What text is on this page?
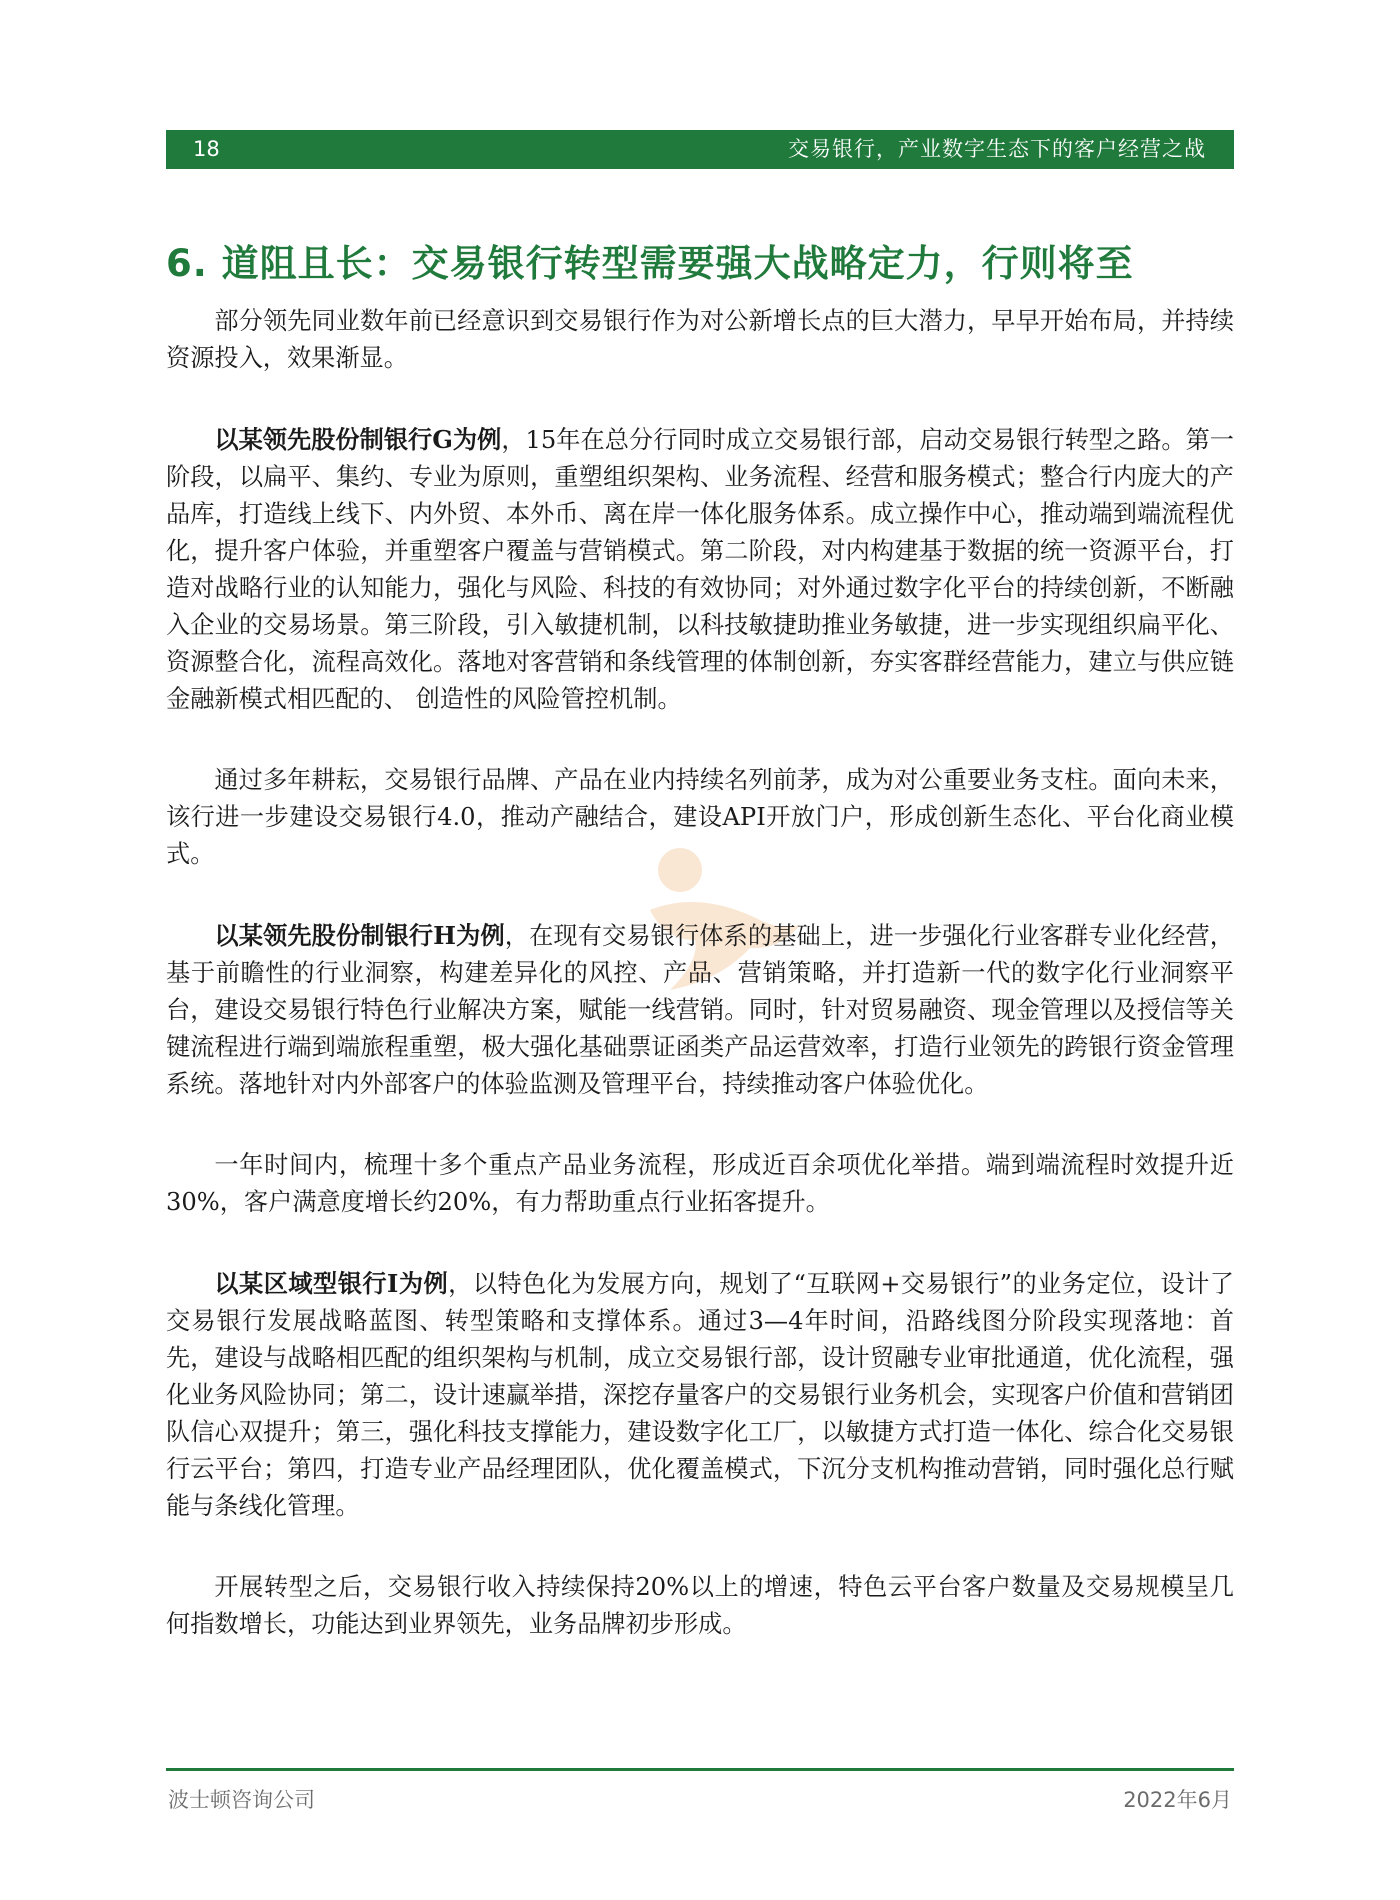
18	交易银行，产业数字生态下的客户经营之战
6. 道阻且长：交易银行转型需要强大战略定力，行则将至

部分领先同业数年前已经意识到交易银行作为对公新增长点的巨大潜力，早早开始布局，并持续资源投入，效果渐显。

以某领先股份制银行G为例，15年在总分行同时成立交易银行部，启动交易银行转型之路。第一阶段，以扁平、集约、专业为原则，重塑组织架构、业务流程、经营和服务模式；整合行内庞大的产品库，打造线上线下、内外贸、本外币、离在岸一体化服务体系。成立操作中心，推动端到端流程优化，提升客户体验，并重塑客户覆盖与营销模式。第二阶段，对内构建基于数据的统一资源平台，打造对战略行业的认知能力，强化与风险、科技的有效协同；对外通过数字化平台的持续创新，不断融入企业的交易场景。第三阶段，引入敏捷机制，以科技敏捷助推业务敏捷，进一步实现组织扁平化、资源整合化，流程高效化。落地对客营销和条线管理的体制创新，夯实客群经营能力，建立与供应链金融新模式相匹配的、 创造性的风险管控机制。

通过多年耕耘，交易银行品牌、产品在业内持续名列前茅，成为对公重要业务支柱。面向未来，该行进一步建设交易银行4.0，推动产融结合，建设API开放门户，形成创新生态化、平台化商业模式。

以某领先股份制银行H为例，在现有交易银行体系的基础上，进一步强化行业客群专业化经营，基于前瞻性的行业洞察，构建差异化的风控、产品、营销策略，并打造新一代的数字化行业洞察平台，建设交易银行特色行业解决方案，赋能一线营销。同时，针对贸易融资、现金管理以及授信等关键流程进行端到端旅程重塑，极大强化基础票证函类产品运营效率，打造行业领先的跨银行资金管理系统。落地针对内外部客户的体验监测及管理平台，持续推动客户体验优化。

一年时间内，梳理十多个重点产品业务流程，形成近百余项优化举措。端到端流程时效提升近30%，客户满意度增长约20%，有力帮助重点行业拓客提升。

以某区域型银行I为例，以特色化为发展方向，规划了“互联网+交易银行”的业务定位，设计了交易银行发展战略蓝图、转型策略和支撑体系。通过3—4年时间，沿路线图分阶段实现落地：首先，建设与战略相匹配的组织架构与机制，成立交易银行部，设计贸融专业审批通道，优化流程，强化业务风险协同；第二，设计速赢举措，深挖存量客户的交易银行业务机会，实现客户价值和营销团队信心双提升；第三，强化科技支撑能力，建设数字化工厂，以敏捷方式打造一体化、综合化交易银行云平台；第四，打造专业产品经理团队，优化覆盖模式，下沉分支机构推动营销，同时强化总行赋能与条线化管理。

开展转型之后，交易银行收入持续保持20%以上的增速，特色云平台客户数量及交易规模呈几何指数增长，功能达到业界领先，业务品牌初步形成。

波士顿咨询公司	2022年6月
